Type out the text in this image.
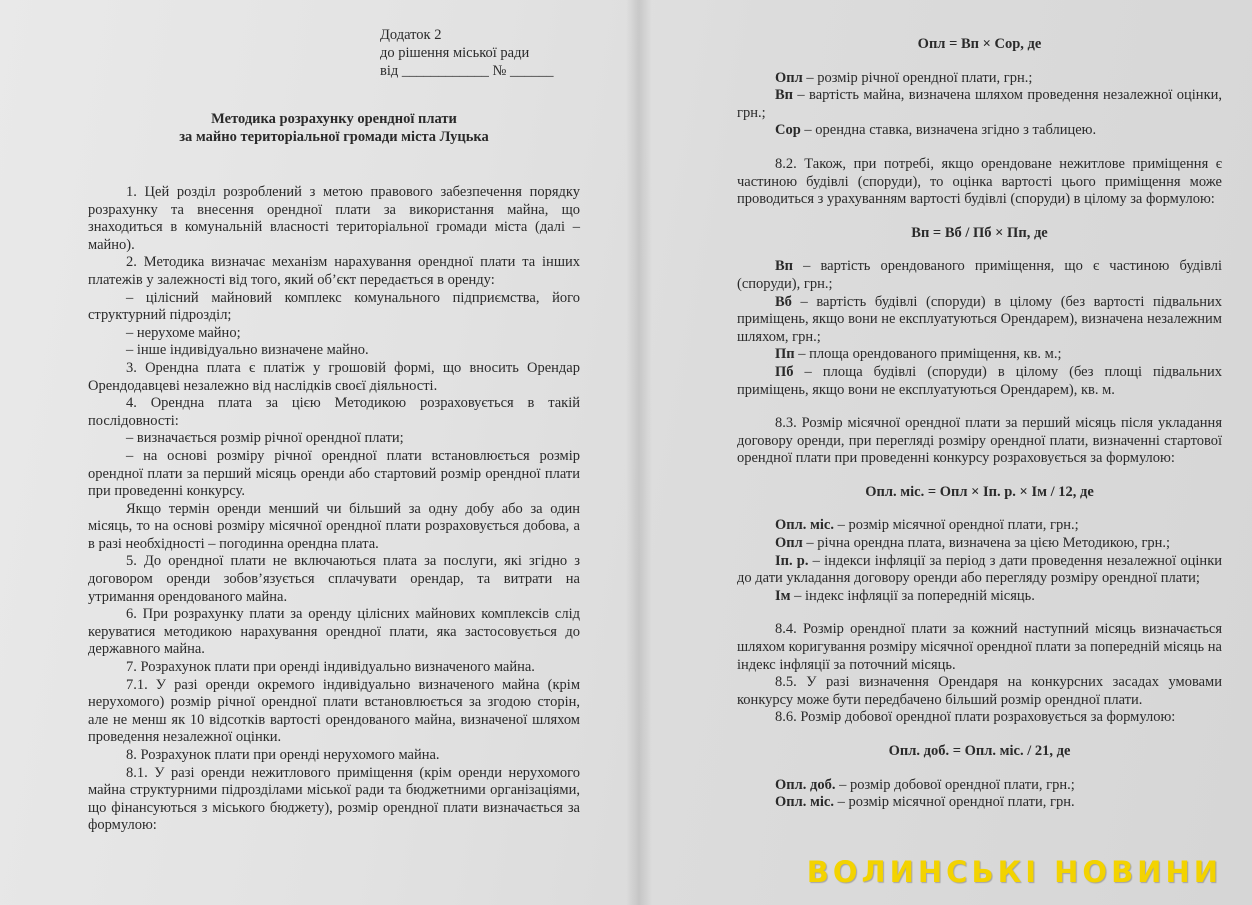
Додаток 2
до рішення міської ради
від ____________ № ______
Методика розрахунку орендної плати
за майно територіальної громади міста Луцька

1. Цей розділ розроблений з метою правового забезпечення порядку розрахунку та внесення орендної плати за використання майна, що знаходиться в комунальній власності територіальної громади міста (далі – майно).

2. Методика визначає механізм нарахування орендної плати та інших платежів у залежності від того, який об’єкт передається в оренду:

– цілісний майновий комплекс комунального підприємства, його структурний підрозділ;

– нерухоме майно;

– інше індивідуально визначене майно.

3. Орендна плата є платіж у грошовій формі, що вносить Орендар Орендодавцеві незалежно від наслідків своєї діяльності.

4. Орендна плата за цією Методикою розраховується в такій послідовності:

– визначається розмір річної орендної плати;

– на основі розміру річної орендної плати встановлюється розмір орендної плати за перший місяць оренди або стартовий розмір орендної плати при проведенні конкурсу.

Якщо термін оренди менший чи більший за одну добу або за один місяць, то на основі розміру місячної орендної плати розраховується добова, а в разі необхідності – погодинна орендна плата.

5. До орендної плати не включаються плата за послуги, які згідно з договором оренди зобов’язується сплачувати орендар, та витрати на утримання орендованого майна.

6. При розрахунку плати за оренду цілісних майнових комплексів слід керуватися методикою нарахування орендної плати, яка застосовується до державного майна.

7. Розрахунок плати при оренді індивідуально визначеного майна.

7.1. У разі оренди окремого індивідуально визначеного майна (крім нерухомого) розмір річної орендної плати встановлюється за згодою сторін, але не менш як 10 відсотків вартості орендованого майна, визначеної шляхом проведення незалежної оцінки.

8. Розрахунок плати при оренді нерухомого майна.

8.1. У разі оренди нежитлового приміщення (крім оренди нерухомого майна структурними підрозділами міської ради та бюджетними організаціями, що фінансуються з міського бюджету), розмір орендної плати визначається за формулою:

Опл = Вп × Сор, де

Опл – розмір річної орендної плати, грн.;

Вп – вартість майна, визначена шляхом проведення незалежної оцінки, грн.;

Сор – орендна ставка, визначена згідно з таблицею.

8.2. Також, при потребі, якщо орендоване нежитлове приміщення є частиною будівлі (споруди), то оцінка вартості цього приміщення може проводиться з урахуванням вартості будівлі (споруди) в цілому за формулою:

Вп = Вб / Пб × Пп, де

Вп – вартість орендованого приміщення, що є частиною будівлі (споруди), грн.;

Вб – вартість будівлі (споруди) в цілому (без вартості підвальних приміщень, якщо вони не експлуатуються Орендарем), визначена незалежним шляхом, грн.;

Пп – площа орендованого приміщення, кв. м.;

Пб – площа будівлі (споруди) в цілому (без площі підвальних приміщень, якщо вони не експлуатуються Орендарем), кв. м.

8.3. Розмір місячної орендної плати за перший місяць після укладання договору оренди, при перегляді розміру орендної плати, визначенні стартової орендної плати при проведенні конкурсу розраховується за формулою:

Опл. міс. = Опл × Іп. р. × Ім / 12, де

Опл. міс. – розмір місячної орендної плати, грн.;

Опл – річна орендна плата, визначена за цією Методикою, грн.;

Іп. р. – індекси інфляції за період з дати проведення незалежної оцінки до дати укладання договору оренди або перегляду розміру орендної плати;

Ім – індекс інфляції за попередній місяць.

8.4. Розмір орендної плати за кожний наступний місяць визначається шляхом коригування розміру місячної орендної плати за попередній місяць на індекс інфляції за поточний місяць.

8.5. У разі визначення Орендаря на конкурсних засадах умовами конкурсу може бути передбачено більший розмір орендної плати.

8.6. Розмір добової орендної плати розраховується за формулою:

Опл. доб. = Опл. міс. / 21, де

Опл. доб. – розмір добової орендної плати, грн.;

Опл. міс. – розмір місячної орендної плати, грн.

ВОЛИНСЬКІ НОВИНИ
